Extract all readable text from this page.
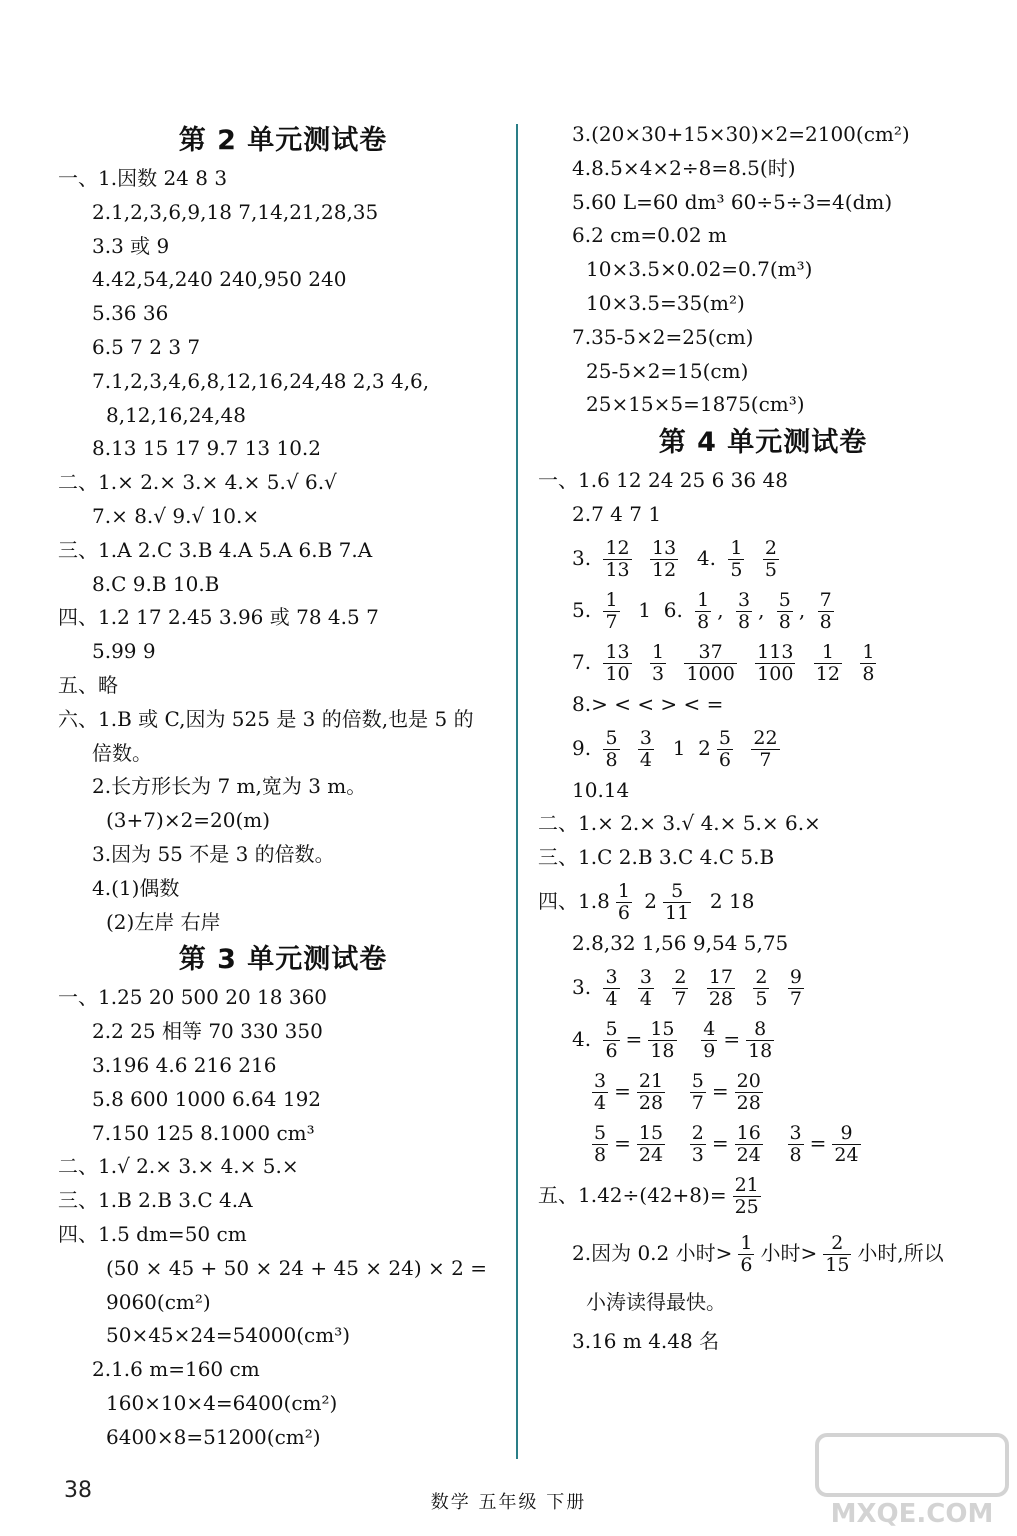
第 2 单元测试卷
一、1.因数 24 8 3
2.1,2,3,6,9,18 7,14,21,28,35
3.3 或 9
4.42,54,240 240,950 240
5.36 36
6.5 7 2 3 7
7.1,2,3,4,6,8,12,16,24,48 2,3 4,6,
8,12,16,24,48
8.13 15 17 9.7 13 10.2
二、1.× 2.× 3.× 4.× 5.√ 6.√
7.× 8.√ 9.√ 10.×
三、1.A 2.C 3.B 4.A 5.A 6.B 7.A
8.C 9.B 10.B
四、1.2 17 2.45 3.96 或 78 4.5 7
5.99 9
五、略
六、1.B 或 C,因为 525 是 3 的倍数,也是 5 的
倍数。
2.长方形长为 7 m,宽为 3 m。
(3+7)×2=20(m)
3.因为 55 不是 3 的倍数。
4.(1)偶数
(2)左岸 右岸
第 3 单元测试卷
一、1.25 20 500 20 18 360
2.2 25 相等 70 330 350
3.196 4.6 216 216
5.8 600 1000 6.64 192
7.150 125 8.1000 cm³
二、1.√ 2.× 3.× 4.× 5.×
三、1.B 2.B 3.C 4.A
四、1.5 dm=50 cm
(50 × 45 + 50 × 24 + 45 × 24) × 2 =
9060(cm²)
50×45×24=54000(cm³)
2.1.6 m=160 cm
160×10×4=6400(cm²)
6400×8=51200(cm²)
3.(20×30+15×30)×2=2100(cm²)
4.8.5×4×2÷8=8.5(时)
5.60 L=60 dm³ 60÷5÷3=4(dm)
6.2 cm=0.02 m
10×3.5×0.02=0.7(m³)
10×3.5=35(m²)
7.35-5×2=25(cm)
25-5×2=15(cm)
25×15×5=1875(cm³)
第 4 单元测试卷
一、1.6 12 24 25 6 36 48
2.7 4 7 1
3. $\frac{12}{13}$
$\frac{13}{12} 4$. $\frac{1}{5}$
$\frac{2}{5}$
5. $\frac{1}{7} 1$ 6. $\frac{1}{8}$ , $\frac{3}{8}$ , $\frac{5}{8}$ , $\frac{7}{8}$
7. $\frac{13}{10}$
$\frac{1}{3}$
$\frac{37}{1000}$
$\frac{113}{100}$
$\frac{1}{12}$
$\frac{1}{8}$
8.> < < > < =
9. $\frac{5}{8}$
$\frac{3}{4} 1$ $2 \frac{5}{6}$
$\frac{22}{7}$
10.14
二、1.× 2.× 3.√ 4.× 5.× 6.×
三、1.C 2.B 3.C 4.C 5.B
四、$1.8 \frac{1}{6} 2 \frac{5}{11} 2$ 18
2.8,32 1,56 9,54 5,75
3. $\frac{3}{4}$
$\frac{3}{4}$
$\frac{2}{7}$
$\frac{17}{28}$
$\frac{2}{5}$
$\frac{9}{7}$
4. $\frac{5}{6} = \frac{15}{18}$
$\frac{4}{9} = \frac{8}{18}$
$\frac{3}{4} = \frac{21}{28}$
$\frac{5}{7} = \frac{20}{28}$
$\frac{5}{8} = \frac{15}{24}$
$\frac{2}{3} = \frac{16}{24}$
$\frac{3}{8} = \frac{9}{24}$
五、$1.42\div(42+8)= \frac{21}{25}$
2.因为 0.2 小时> $\frac{1}{6}$ 小时> $\frac{2}{15}$ 小时,所以
小涛读得最快。
3.16 m 4.48 名
38	数学 五年级 下册	MXQE.COM
